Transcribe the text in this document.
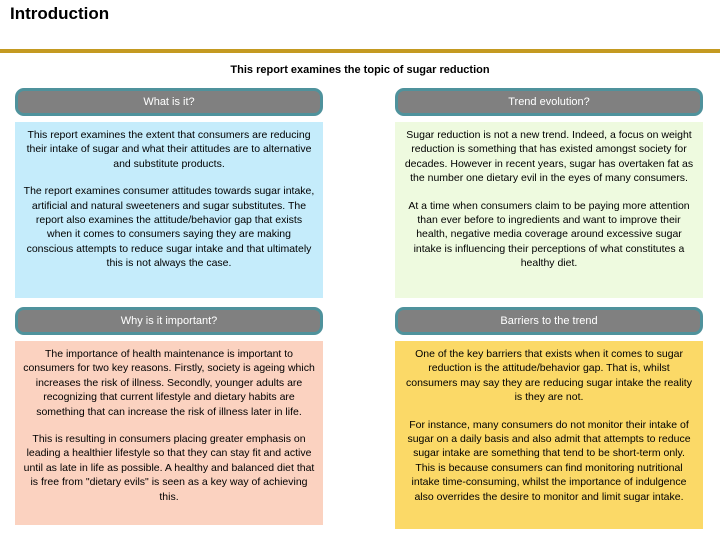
Introduction
This report examines the topic of sugar reduction
What is it?

This report examines the extent that consumers are reducing their intake of sugar and what their attitudes are to alternative and substitute products.

The report examines consumer attitudes towards sugar intake, artificial and natural sweeteners and sugar substitutes. The report also examines the attitude/behavior gap that exists when it comes to consumers saying they are making conscious attempts to reduce sugar intake and that ultimately this is not always the case.

Trend evolution?

Sugar reduction is not a new trend. Indeed, a focus on weight reduction is something that has existed amongst society for decades. However in recent years, sugar has overtaken fat as the number one dietary evil in the eyes of many consumers.

At a time when consumers claim to be paying more attention than ever before to ingredients and want to improve their health, negative media coverage around excessive sugar intake is influencing their perceptions of what constitutes a healthy diet.

Why is it important?

The importance of health maintenance is important to consumers for two key reasons. Firstly, society is ageing which increases the risk of illness. Secondly, younger adults are recognizing that current lifestyle and dietary habits are something that can increase the risk of illness later in life.

This is resulting in consumers placing greater emphasis on leading a healthier lifestyle so that they can stay fit and active until as late in life as possible. A healthy and balanced diet that is free from "dietary evils" is seen as a key way of achieving this.

Barriers to the trend

One of the key barriers that exists when it comes to sugar reduction is the attitude/behavior gap. That is, whilst consumers may say they are reducing sugar intake the reality is they are not.

For instance, many consumers do not monitor their intake of sugar on a daily basis and also admit that attempts to reduce sugar intake are something that tend to be short-term only. This is because consumers can find monitoring nutritional intake time-consuming, whilst the importance of indulgence also overrides the desire to monitor and limit sugar intake.
